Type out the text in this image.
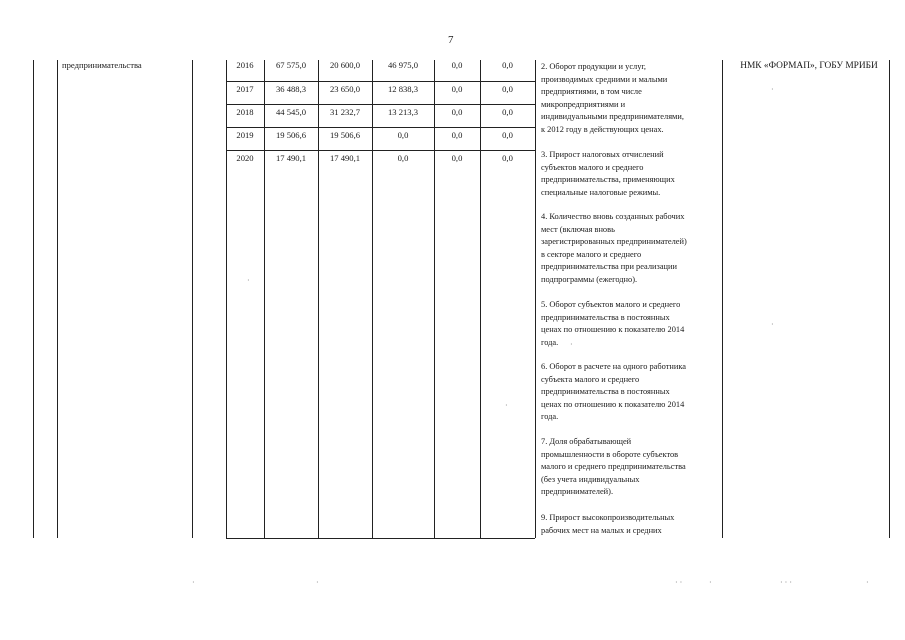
7
предпринимательства	2016	67 575,0	20 600,0	46 975,0	0,0	0,0
2017	36 488,3	23 650,0	12 838,3	0,0	0,0
2018	44 545,0	31 232,7	13 213,3	0,0	0,0
2019	19 506,6	19 506,6	0,0	0,0	0,0
2020	17 490,1	17 490,1	0,0	0,0	0,0
2. Оборот продукции и услуг,
производимых средними и малыми
предприятиями, в том числе
микропредприятиями и
индивидуальными предпринимателями,
к 2012 году в действующих ценах.
3. Прирост налоговых отчислений
субъектов малого и среднего
предпринимательства, применяющих
специальные налоговые режимы.
4. Количество вновь созданных рабочих
мест (включая вновь
зарегистрированных предпринимателей)
в секторе малого и среднего
предпринимательства при реализации
подпрограммы (ежегодно).
5. Оборот субъектов малого и среднего
предпринимательства в постоянных
ценах по отношению к показателю 2014
года.
6. Оборот в расчете на одного работника
субъекта малого и среднего
предпринимательства в постоянных
ценах по отношению к показателю 2014
года.
7. Доля обрабатывающей
промышленности в обороте субъектов
малого и среднего предпринимательства
(без учета индивидуальных
предпринимателей).
9. Прирост высокопроизводительных
рабочих мест на малых и средних
НМК «ФОРМАП», ГОБУ МРИБИ
·
·
·
·
·
·	·	· ·	·	· · ·	·
